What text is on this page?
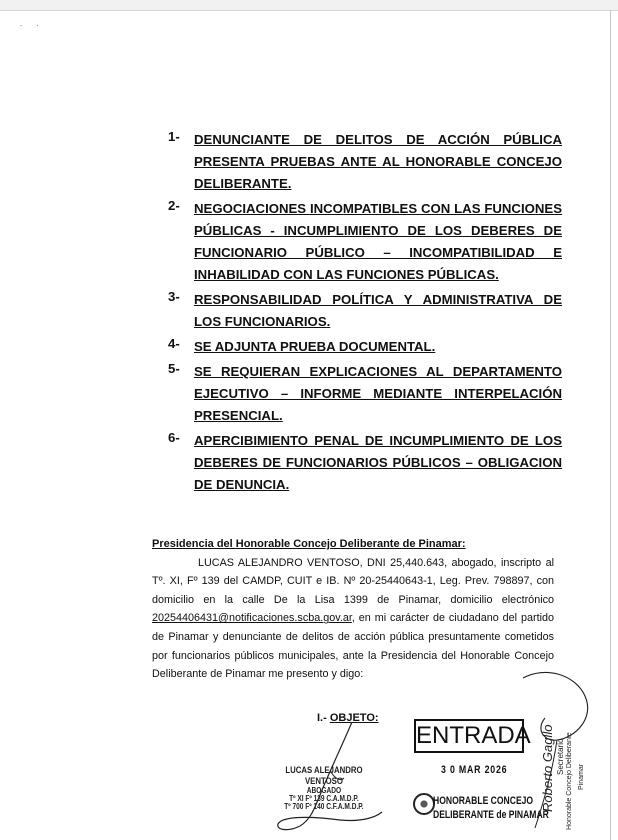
· ·
1-	DENUNCIANTE DE DELITOS DE ACCIÓN PÚBLICA PRESENTA PRUEBAS ANTE AL HONORABLE CONCEJO DELIBERANTE.
2-	NEGOCIACIONES INCOMPATIBLES CON LAS FUNCIONES PÚBLICAS - INCUMPLIMIENTO DE LOS DEBERES DE FUNCIONARIO PÚBLICO – INCOMPATIBILIDAD E INHABILIDAD CON LAS FUNCIONES PÚBLICAS.
3-	RESPONSABILIDAD POLÍTICA Y ADMINISTRATIVA DE LOS FUNCIONARIOS.
4-	SE ADJUNTA PRUEBA DOCUMENTAL.
5-	SE REQUIERAN EXPLICACIONES AL DEPARTAMENTO EJECUTIVO – INFORME MEDIANTE INTERPELACIÓN PRESENCIAL.
6-	APERCIBIMIENTO PENAL DE INCUMPLIMIENTO DE LOS DEBERES DE FUNCIONARIOS PÚBLICOS – OBLIGACION DE DENUNCIA.
Presidencia del Honorable Concejo Deliberante de Pinamar:
LUCAS ALEJANDRO VENTOSO, DNI 25,440.643, abogado, inscripto al Tº. XI, Fº 139 del CAMDP, CUIT e IB. Nº 20-25440643-1, Leg. Prev. 798897, con domicilio en la calle De la Lisa 1399 de Pinamar, domicilio electrónico 20254406431@notificaciones.scba.gov.ar, en mi carácter de ciudadano del partido de Pinamar y denunciante de delitos de acción pública presuntamente cometidos por funcionarios públicos municipales, ante la Presidencia del Honorable Concejo Deliberante de Pinamar me presento y digo:
I.- OBJETO:
LUCAS ALEJANDRO VENTOSO
ABOGADO
Tº XI Fº 139 C.A.M.D.P.
Tº 700 Fº 140 C.F.A.M.D.P.
ENTRADA
3 0 MAR 2026
HONORABLE CONCEJO
DELIBERANTE de PINAMAR
Roberto Gagllo Secretario Honorable Concejo Deliberante Pinamar
